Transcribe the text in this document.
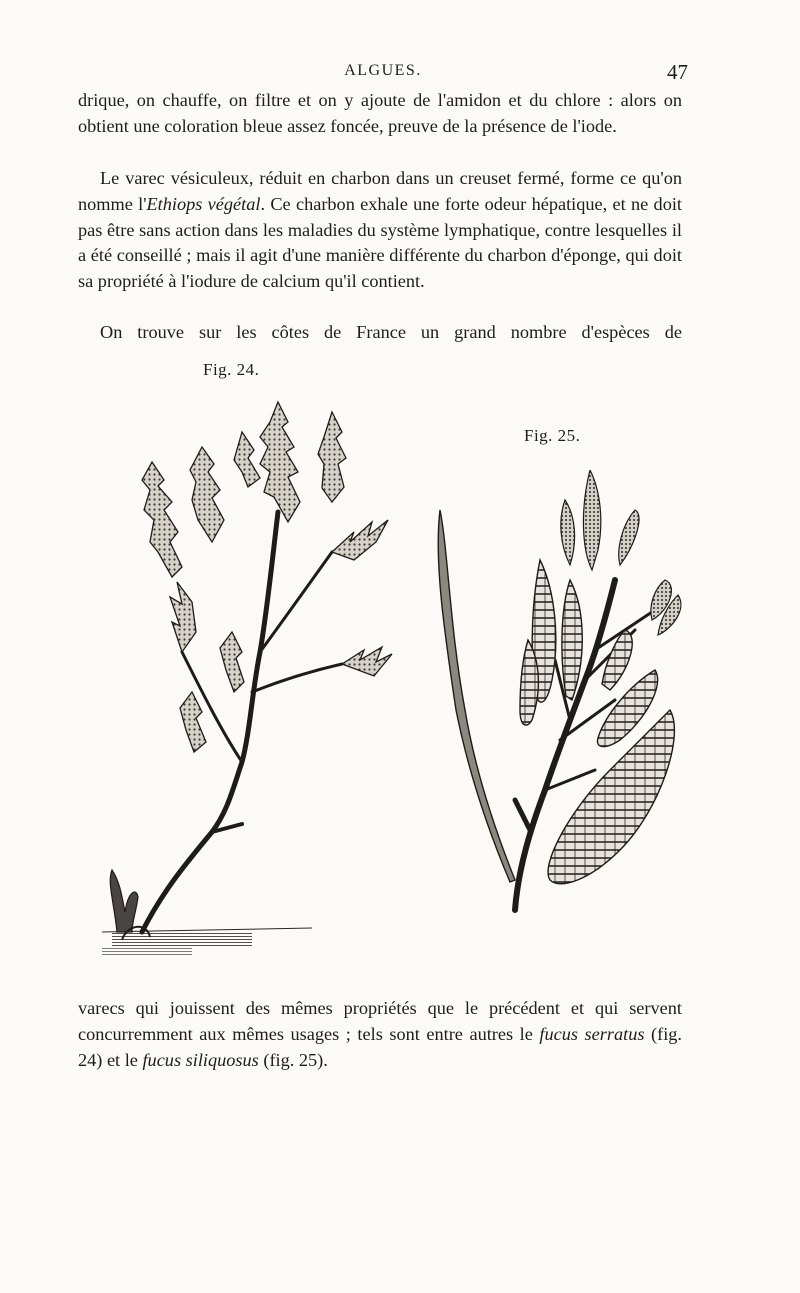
ALGUES.	47

drique, on chauffe, on filtre et on y ajoute de l'amidon et du chlore : alors on obtient une coloration bleue assez foncée, preuve de la présence de l'iode.

Le varec vésiculeux, réduit en charbon dans un creuset fermé, forme ce qu'on nomme l'Ethiops végétal. Ce charbon exhale une forte odeur hépatique, et ne doit pas être sans action dans les maladies du système lymphatique, contre lesquelles il a été conseillé ; mais il agit d'une manière différente du charbon d'éponge, qui doit sa propriété à l'iodure de calcium qu'il contient.

On trouve sur les côtes de France un grand nombre d'espèces de

Fig. 24.
Fig. 25.

varecs qui jouissent des mêmes propriétés que le précédent et qui servent concurremment aux mêmes usages ; tels sont entre autres le fucus serratus (fig. 24) et le fucus siliquosus (fig. 25).
